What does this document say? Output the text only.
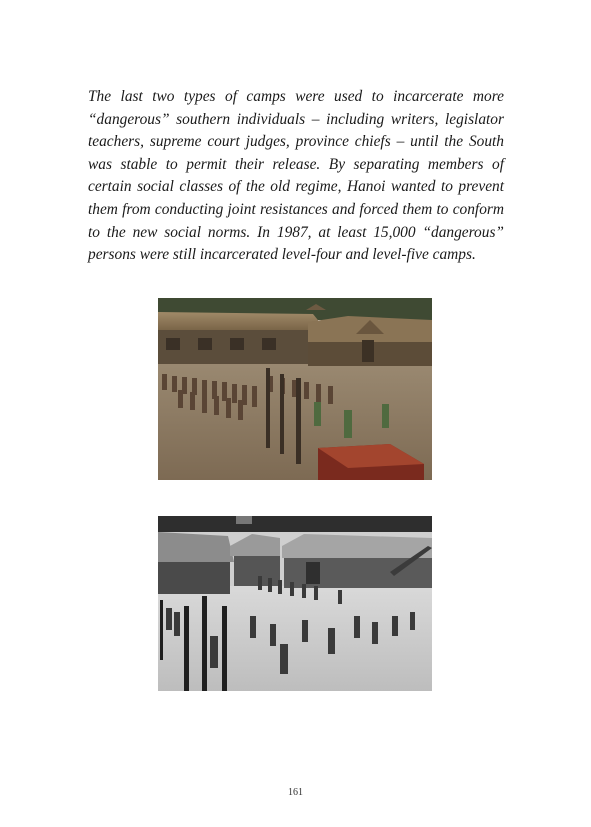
The last two types of camps were used to incarcerate more “dangerous” southern individuals – including writers, legislator teachers, supreme court judges, province chiefs – until the South was stable to permit their release. By separating members of certain social classes of the old regime, Hanoi wanted to prevent them from conducting joint resistances and forced them to conform to the new social norms. In 1987, at least 15,000 “dangerous” persons were still incarcerated level-four and level-five camps.

161
